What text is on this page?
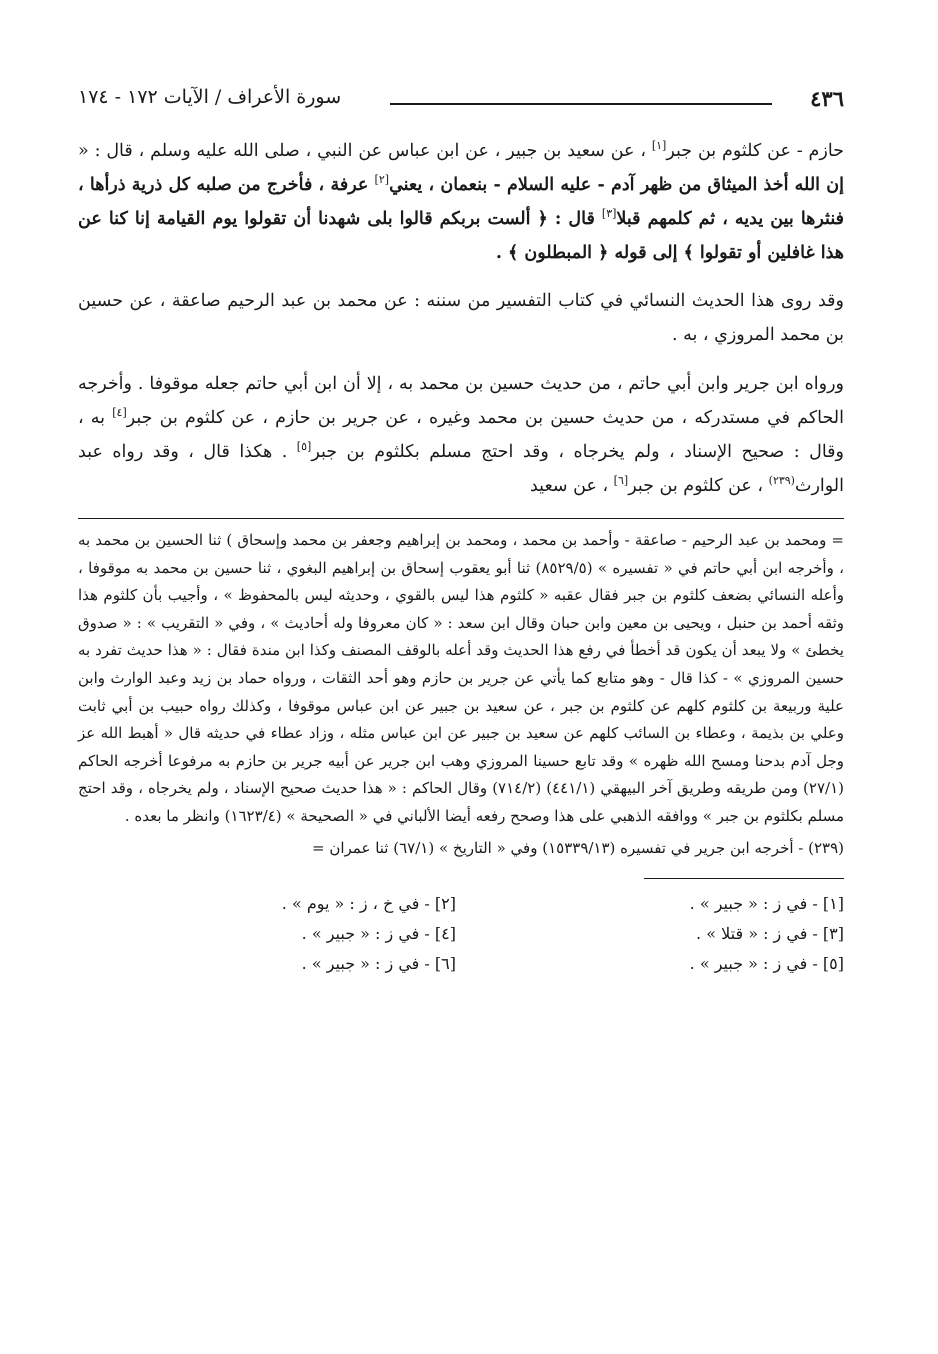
٤٣٦
سورة الأعراف / الآيات ١٧٢ - ١٧٤

حازم - عن كلثوم بن جبر[١] ، عن سعيد بن جبير ، عن ابن عباس عن النبي ، صلى الله عليه وسلم ، قال : « إن الله أخذ الميثاق من ظهر آدم - عليه السلام - بنعمان ، يعني[٢] عرفة ، فأخرج من صلبه كل ذرية ذرأها ، فنثرها بين يديه ، ثم كلمهم قبلا[٣] قال : ﴿ ألست بربكم قالوا بلى شهدنا أن تقولوا يوم القيامة إنا كنا عن هذا غافلين أو تقولوا ﴾ إلى قوله ﴿ المبطلون ﴾ .

وقد روى هذا الحديث النسائي في كتاب التفسير من سننه : عن محمد بن عبد الرحيم صاعقة ، عن حسين بن محمد المروزي ، به .

ورواه ابن جرير وابن أبي حاتم ، من حديث حسين بن محمد به ، إلا أن ابن أبي حاتم جعله موقوفا . وأخرجه الحاكم في مستدركه ، من حديث حسين بن محمد وغيره ، عن جرير بن حازم ، عن كلثوم بن جبر[٤] به ، وقال : صحيح الإسناد ، ولم يخرجاه ، وقد احتج مسلم بكلثوم بن جبر[٥] . هكذا قال ، وقد رواه عبد الوارث$^{(٢٣٩)}$ ، عن كلثوم بن جبر[٦] ، عن سعيد

= ومحمد بن عبد الرحيم - صاعقة - وأحمد بن محمد ، ومحمد بن إبراهيم وجعفر بن محمد وإسحاق ) ثنا الحسين بن محمد به ، وأخرجه ابن أبي حاتم في « تفسيره » (٨٥٢٩/٥) ثنا أبو يعقوب إسحاق بن إبراهيم البغوي ، ثنا حسين بن محمد به موقوفا ، وأعله النسائي بضعف كلثوم بن جبر فقال عقبه « كلثوم هذا ليس بالقوي ، وحديثه ليس بالمحفوظ » ، وأجيب بأن كلثوم هذا وثقه أحمد بن حنبل ، ويحيى بن معين وابن حبان وقال ابن سعد : « كان معروفا وله أحاديث » ، وفي « التقريب » : « صدوق يخطئ » ولا يبعد أن يكون قد أخطأ في رفع هذا الحديث وقد أعله بالوقف المصنف وكذا ابن مندة فقال : « هذا حديث تفرد به حسين المروزي » - كذا قال - وهو متابع كما يأتي عن جرير بن حازم وهو أحد الثقات ، ورواه حماد بن زيد وعبد الوارث وابن علية وربيعة بن كلثوم كلهم عن كلثوم بن جبر ، عن سعيد بن جبير عن ابن عباس موقوفا ، وكذلك رواه حبيب بن أبي ثابت وعلي بن بذيمة ، وعطاء بن السائب كلهم عن سعيد بن جبير عن ابن عباس مثله ، وزاد عطاء في حديثه قال « أهبط الله عز وجل آدم بدحنا ومسح الله ظهره » وقد تابع حسينا المروزي وهب ابن جرير عن أبيه جرير بن حازم به مرفوعا أخرجه الحاكم (٢٧/١) ومن طريقه وطريق آخر البيهقي (٤٤١/١) (٧١٤/٢) وقال الحاكم : « هذا حديث صحيح الإسناد ، ولم يخرجاه ، وقد احتج مسلم بكلثوم بن جبر » ووافقه الذهبي على هذا وصحح رفعه أيضا الألباني في « الصحيحة » (١٦٢٣/٤) وانظر ما بعده .

(٢٣٩) - أخرجه ابن جرير في تفسيره (١٥٣٣٩/١٣) وفي « التاريخ » (٦٧/١) ثنا عمران =

[١] - في ز : « جبير » .
[٢] - في خ ، ز : « يوم » .
[٣] - في ز : « قتلا » .
[٤] - في ز : « جبير » .
[٥] - في ز : « جبير » .
[٦] - في ز : « جبير » .
